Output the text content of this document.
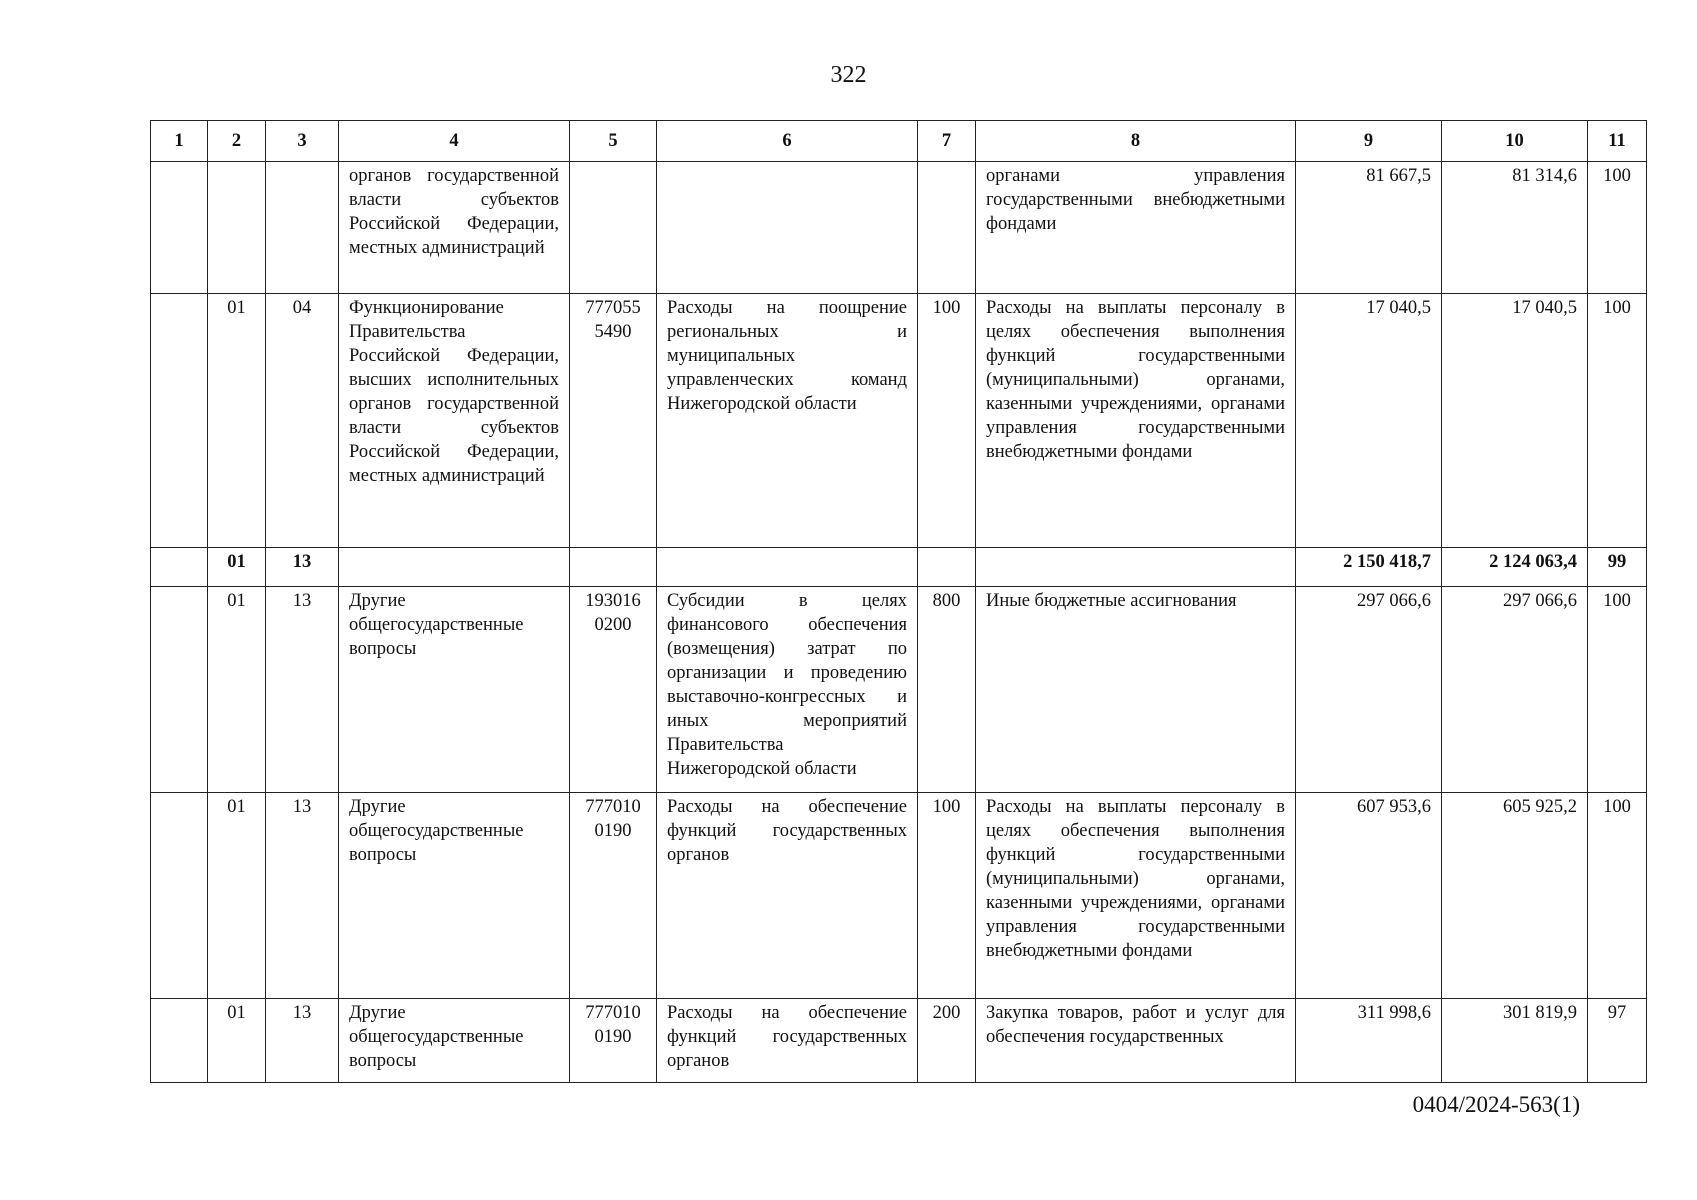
322
1	2	3	4	5	6	7	8	9	10	11
			органов государственной власти субъектов Российской Федерации, местных администраций				органами управления государственными внебюджетными фондами	81 667,5	81 314,6	100
	01	04	Функционирование Правительства Российской Федерации, высших исполнительных органов государственной власти субъектов Российской Федерации, местных администраций	777055 5490	Расходы на поощрение региональных и муниципальных управленческих команд Нижегородской области	100	Расходы на выплаты персоналу в целях обеспечения выполнения функций государственными (муниципальными) органами, казенными учреждениями, органами управления государственными внебюджетными фондами	17 040,5	17 040,5	100
	01	13						2 150 418,7	2 124 063,4	99
	01	13	Другие общегосударственные вопросы	193016 0200	Субсидии в целях финансового обеспечения (возмещения) затрат по организации и проведению выставочно-конгрессных и иных мероприятий Правительства Нижегородской области	800	Иные бюджетные ассигнования	297 066,6	297 066,6	100
	01	13	Другие общегосударственные вопросы	777010 0190	Расходы на обеспечение функций государственных органов	100	Расходы на выплаты персоналу в целях обеспечения выполнения функций государственными (муниципальными) органами, казенными учреждениями, органами управления государственными внебюджетными фондами	607 953,6	605 925,2	100
	01	13	Другие общегосударственные вопросы	777010 0190	Расходы на обеспечение функций государственных органов	200	Закупка товаров, работ и услуг для обеспечения государственных	311 998,6	301 819,9	97
0404/2024-563(1)
